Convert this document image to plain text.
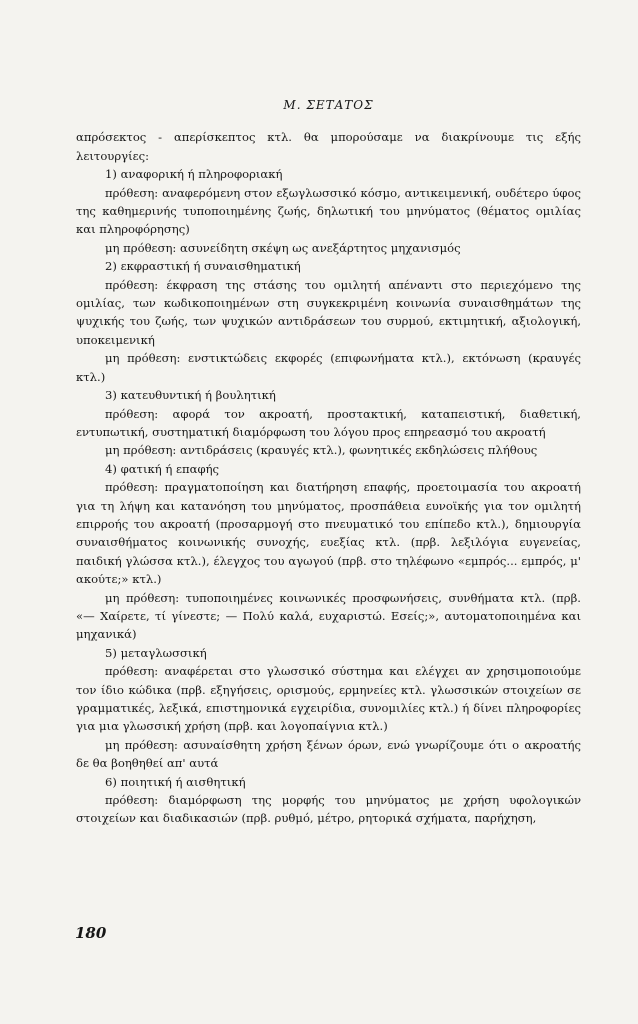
Μ. ΣΕΤΑΤΟΣ

απρόσεκτος - απερίσκεπτος κτλ. θα μπορούσαμε να διακρίνουμε τις εξής λειτουργίες:

1) αναφορική ή πληροφοριακή

πρόθεση: αναφερόμενη στον εξωγλωσσικό κόσμο, αντικειμενική, ουδέτερο ύφος της καθημερινής τυποποιημένης ζωής, δηλωτική του μηνύματος (θέματος ομιλίας και πληροφόρησης)

μη πρόθεση: ασυνείδητη σκέψη ως ανεξάρτητος μηχανισμός

2) εκφραστική ή συναισθηματική

πρόθεση: έκφραση της στάσης του ομιλητή απέναντι στο περιεχόμενο της ομιλίας, των κωδικοποιημένων στη συγκεκριμένη κοινωνία συναισθημάτων της ψυχικής του ζωής, των ψυχικών αντιδράσεων του συρμού, εκτιμητική, αξιολογική, υποκειμενική

μη πρόθεση: ενστικτώδεις εκφορές (επιφωνήματα κτλ.), εκτόνωση (κραυγές κτλ.)

3) κατευθυντική ή βουλητική

πρόθεση: αφορά τον ακροατή, προστακτική, καταπειστική, διαθετική, εντυπωτική, συστηματική διαμόρφωση του λόγου προς επηρεασμό του ακροατή

μη πρόθεση: αντιδράσεις (κραυγές κτλ.), φωνητικές εκδηλώσεις πλήθους

4) φατική ή επαφής

πρόθεση: πραγματοποίηση και διατήρηση επαφής, προετοιμασία του ακροατή για τη λήψη και κατανόηση του μηνύματος, προσπάθεια ευνοϊκής για τον ομιλητή επιρροής του ακροατή (προσαρμογή στο πνευματικό του επίπεδο κτλ.), δημιουργία συναισθήματος κοινωνικής συνοχής, ευεξίας κτλ. (πρβ. λεξιλόγια ευγενείας, παιδική γλώσσα κτλ.), έλεγχος του αγωγού (πρβ. στο τηλέφωνο «εμπρός... εμπρός, μ' ακούτε;» κτλ.)

μη πρόθεση: τυποποιημένες κοινωνικές προσφωνήσεις, συνθήματα κτλ. (πρβ. «— Χαίρετε, τί γίνεστε; — Πολύ καλά, ευχαριστώ. Εσείς;», αυτοματοποιημένα και μηχανικά)

5) μεταγλωσσική

πρόθεση: αναφέρεται στο γλωσσικό σύστημα και ελέγχει αν χρησιμοποιούμε τον ίδιο κώδικα (πρβ. εξηγήσεις, ορισμούς, ερμηνείες κτλ. γλωσσικών στοιχείων σε γραμματικές, λεξικά, επιστημονικά εγχειρίδια, συνομιλίες κτλ.) ή δίνει πληροφορίες για μια γλωσσική χρήση (πρβ. και λογοπαίγνια κτλ.)

μη πρόθεση: ασυναίσθητη χρήση ξένων όρων, ενώ γνωρίζουμε ότι ο ακροατής δε θα βοηθηθεί απ' αυτά

6) ποιητική ή αισθητική

πρόθεση: διαμόρφωση της μορφής του μηνύματος με χρήση υφολογικών στοιχείων και διαδικασιών (πρβ. ρυθμό, μέτρο, ρητορικά σχήματα, παρήχηση,

180
